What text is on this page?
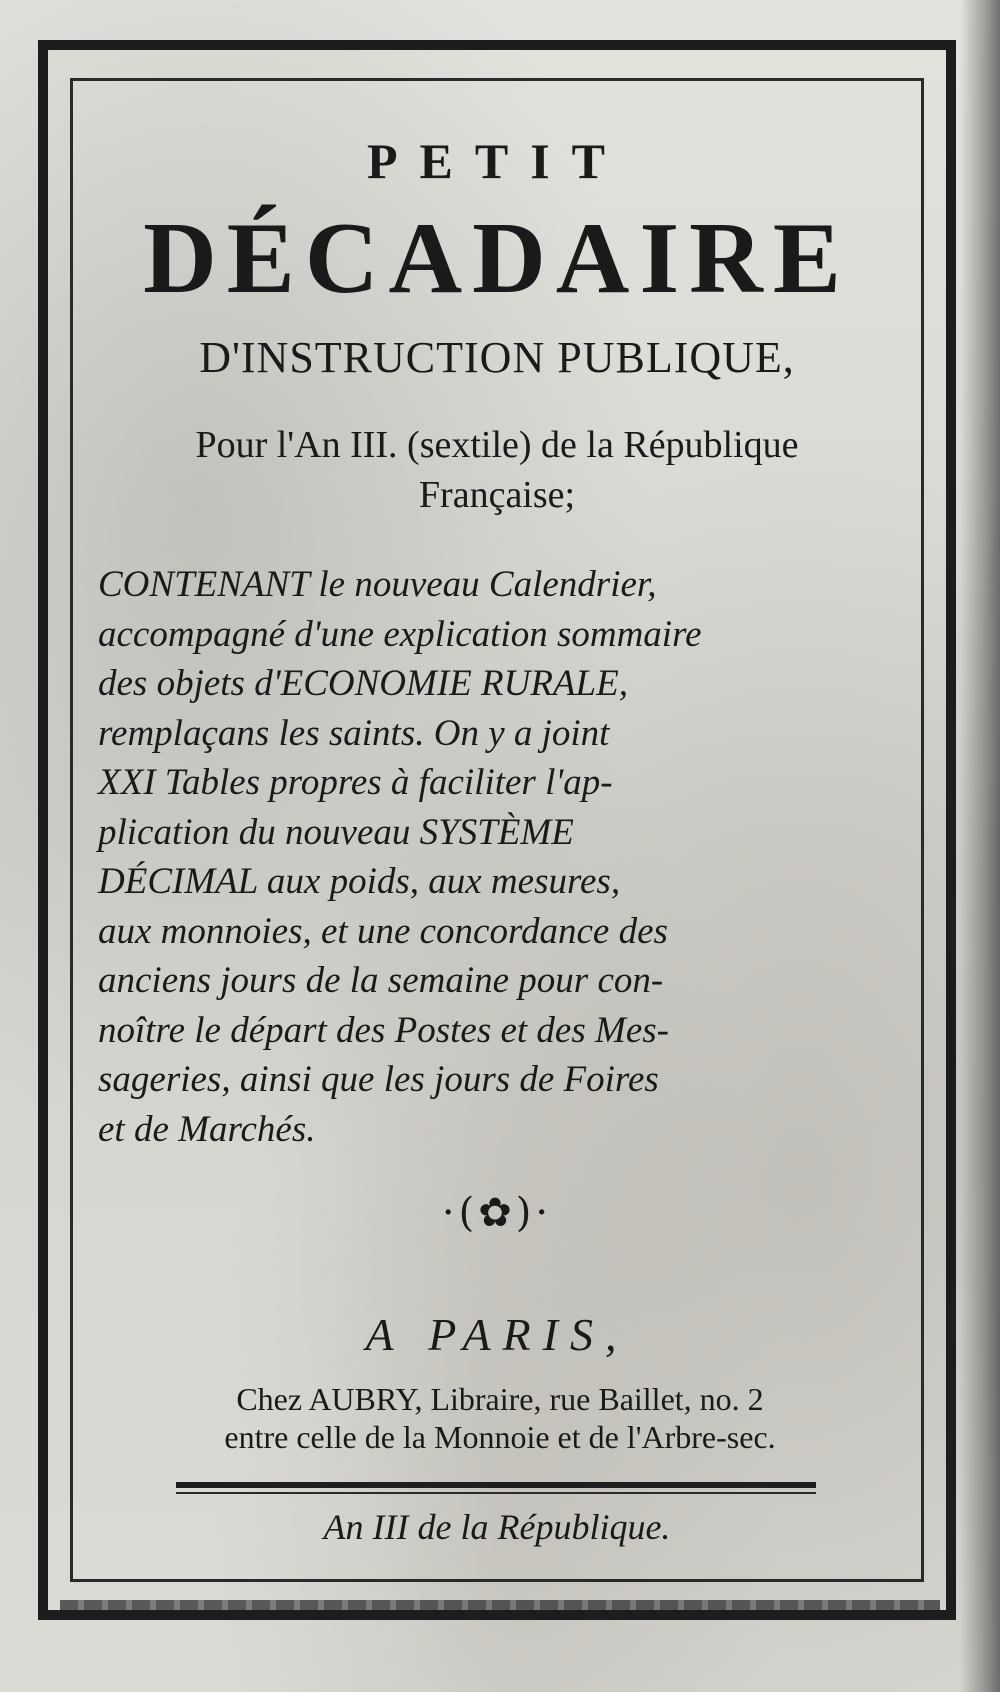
PETIT
DÉCADAIRE
D'INSTRUCTION PUBLIQUE,
Pour l'An III. (sextile) de la République
Française;
CONTENANT le nouveau Calendrier,
accompagné d'une explication sommaire
des objets d'ECONOMIE RURALE,
remplaçans les saints. On y a joint
XXI Tables propres à faciliter l'ap-
plication du nouveau SYSTÈME
DÉCIMAL aux poids, aux mesures,
aux monnoies, et une concordance des
anciens jours de la semaine pour con-
noître le départ des Postes et des Mes-
sageries, ainsi que les jours de Foires
et de Marchés.
·(✿)·
A PARIS,
Chez AUBRY, Libraire, rue Baillet, no. 2
entre celle de la Monnoie et de l'Arbre-sec.
An III de la République.
